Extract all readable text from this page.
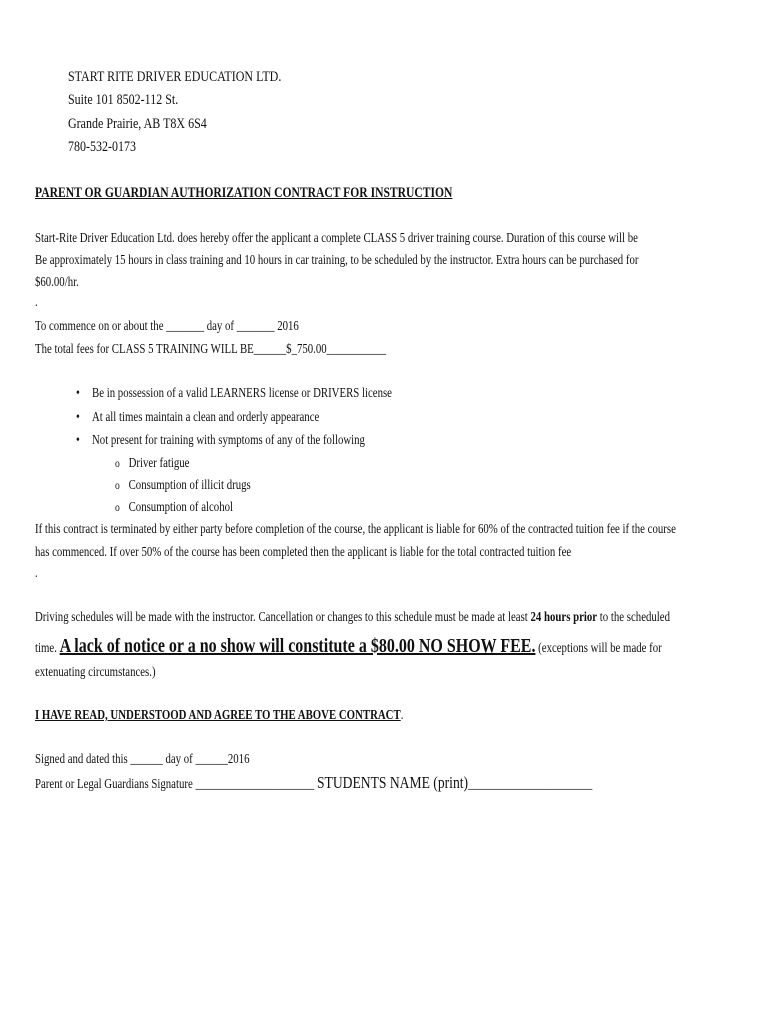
START RITE DRIVER EDUCATION LTD.
Suite 101 8502-112 St.
Grande Prairie, AB T8X 6S4
780-532-0173
PARENT OR GUARDIAN AUTHORIZATION CONTRACT FOR INSTRUCTION
Start-Rite Driver Education Ltd. does hereby offer the applicant a complete CLASS 5 driver training course. Duration of this course will be
Be approximately 15 hours in class training and 10 hours in car training, to be scheduled by the instructor. Extra hours can be purchased for
$60.00/hr.
.
To commence on or about the _______ day of _______ 2016
The total fees for CLASS 5 TRAINING WILL BE______$_750.00___________
• Be in possession of a valid LEARNERS license or DRIVERS license
• At all times maintain a clean and orderly appearance
• Not present for training with symptoms of any of the following
o Driver fatigue
o Consumption of illicit drugs
o Consumption of alcohol
If this contract is terminated by either party before completion of the course, the applicant is liable for 60% of the contracted tuition fee if the course
has commenced. If over 50% of the course has been completed then the applicant is liable for the total contracted tuition fee
.
Driving schedules will be made with the instructor. Cancellation or changes to this schedule must be made at least 24 hours prior to the scheduled
time. A lack of notice or a no show will constitute a $80.00 NO SHOW FEE. (exceptions will be made for
extenuating circumstances.)
I HAVE READ, UNDERSTOOD AND AGREE TO THE ABOVE CONTRACT.
Signed and dated this ______ day of ______2016
Parent or Legal Guardians Signature ______________________ STUDENTS NAME (print)_______________________
